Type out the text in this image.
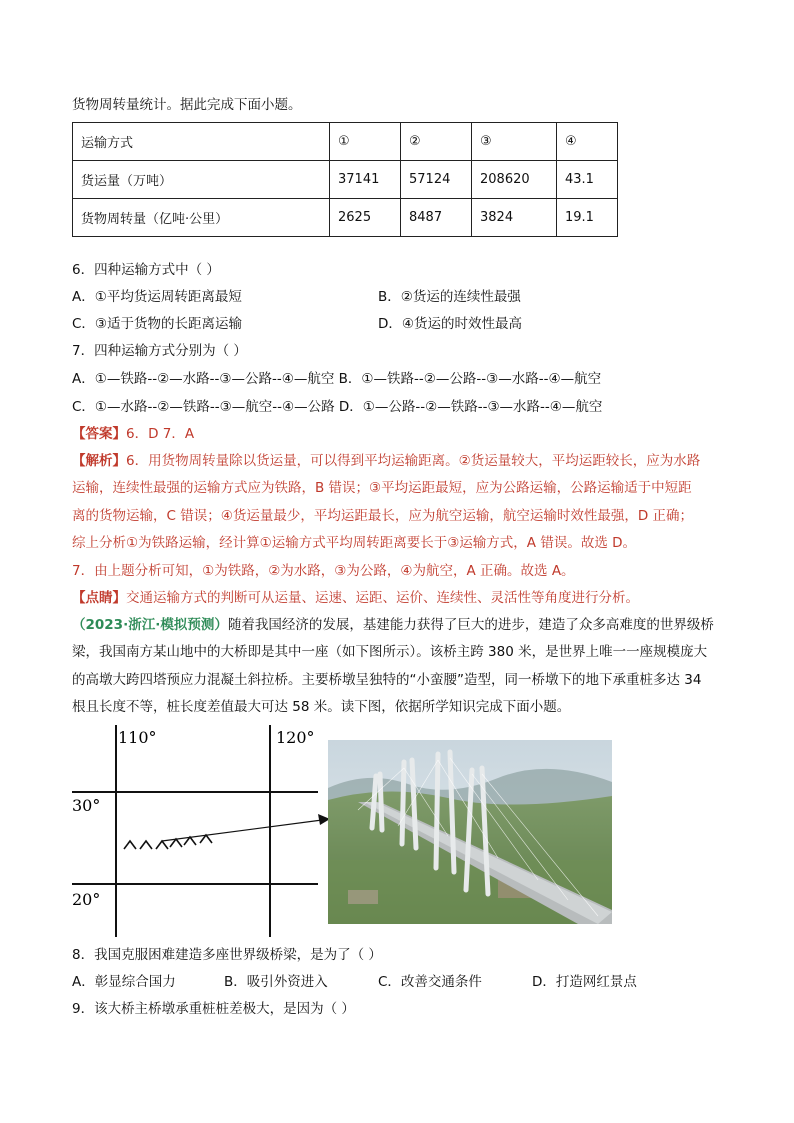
货物周转量统计。据此完成下面小题。
运输方式	①	②	③	④
货运量（万吨）	37141	57124	208620	43.1
货物周转量（亿吨·公里）	2625	8487	3824	19.1
6．四种运输方式中（ ）
A．①平均货运周转距离最短	B．②货运的连续性最强
C．③适于货物的长距离运输	D．④货运的时效性最高
7．四种运输方式分别为（ ）
A．①—铁路--②—水路--③—公路--④—航空 B．①—铁路--②—公路--③—水路--④—航空
C．①—水路--②—铁路--③—航空--④—公路 D．①—公路--②—铁路--③—水路--④—航空
【答案】6．D 7．A
【解析】6．用货物周转量除以货运量，可以得到平均运输距离。②货运量较大，平均运距较长，应为水路
运输，连续性最强的运输方式应为铁路，B 错误；③平均运距最短，应为公路运输，公路运输适于中短距
离的货物运输，C 错误；④货运量最少，平均运距最长，应为航空运输，航空运输时效性最强，D 正确；
综上分析①为铁路运输，经计算①运输方式平均周转距离要长于③运输方式，A 错误。故选 D。
7．由上题分析可知，①为铁路，②为水路，③为公路，④为航空，A 正确。故选 A。
【点睛】交通运输方式的判断可从运量、运速、运距、运价、连续性、灵活性等角度进行分析。
（2023·浙江·模拟预测）随着我国经济的发展，基建能力获得了巨大的进步，建造了众多高难度的世界级桥
梁，我国南方某山地中的大桥即是其中一座（如下图所示）。该桥主跨 380 米，是世界上唯一一座规模庞大
的高墩大跨四塔预应力混凝土斜拉桥。主要桥墩呈独特的“小蛮腰”造型，同一桥墩下的地下承重桩多达 34
根且长度不等，桩长度差值最大可达 58 米。读下图，依据所学知识完成下面小题。
110°	120°
30°
20°
8．我国克服困难建造多座世界级桥梁，是为了（ ）
A．彰显综合国力	B．吸引外资进入	C．改善交通条件	D．打造网红景点
9．该大桥主桥墩承重桩桩差极大，是因为（ ）
